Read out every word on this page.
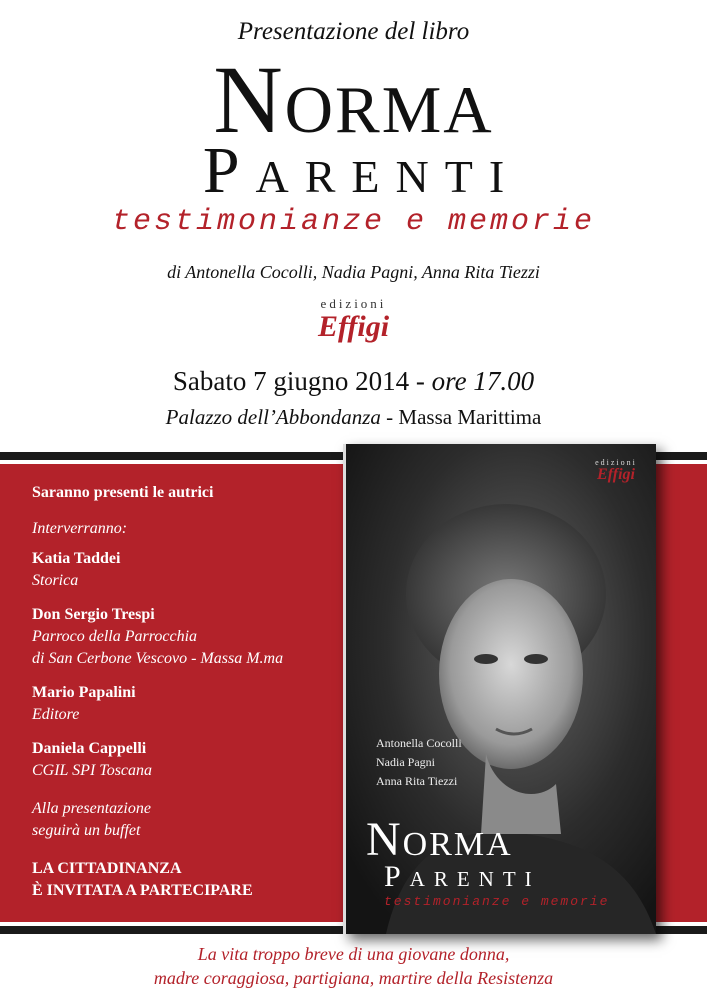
Presentazione del libro
Norma
Parenti
testimonianze e memorie
di Antonella Cocolli, Nadia Pagni, Anna Rita Tiezzi
edizioni
Effigi
Sabato 7 giugno 2014 - ore 17.00
Palazzo dell’Abbondanza - Massa Marittima
Saranno presenti le autrici
Interverranno:
Katia Taddei
Storica
Don Sergio Trespi
Parroco della Parrocchia
di San Cerbone Vescovo - Massa M.ma
Mario Papalini
Editore
Daniela Cappelli
CGIL SPI Toscana
Alla presentazione
seguirà un buffet
LA CITTADINANZA
È INVITATA A PARTECIPARE
edizioni
Effigi
Antonella Cocolli
Nadia Pagni
Anna Rita Tiezzi
Norma
Parenti
testimonianze e memorie
La vita troppo breve di una giovane donna,
madre coraggiosa, partigiana, martire della Resistenza
